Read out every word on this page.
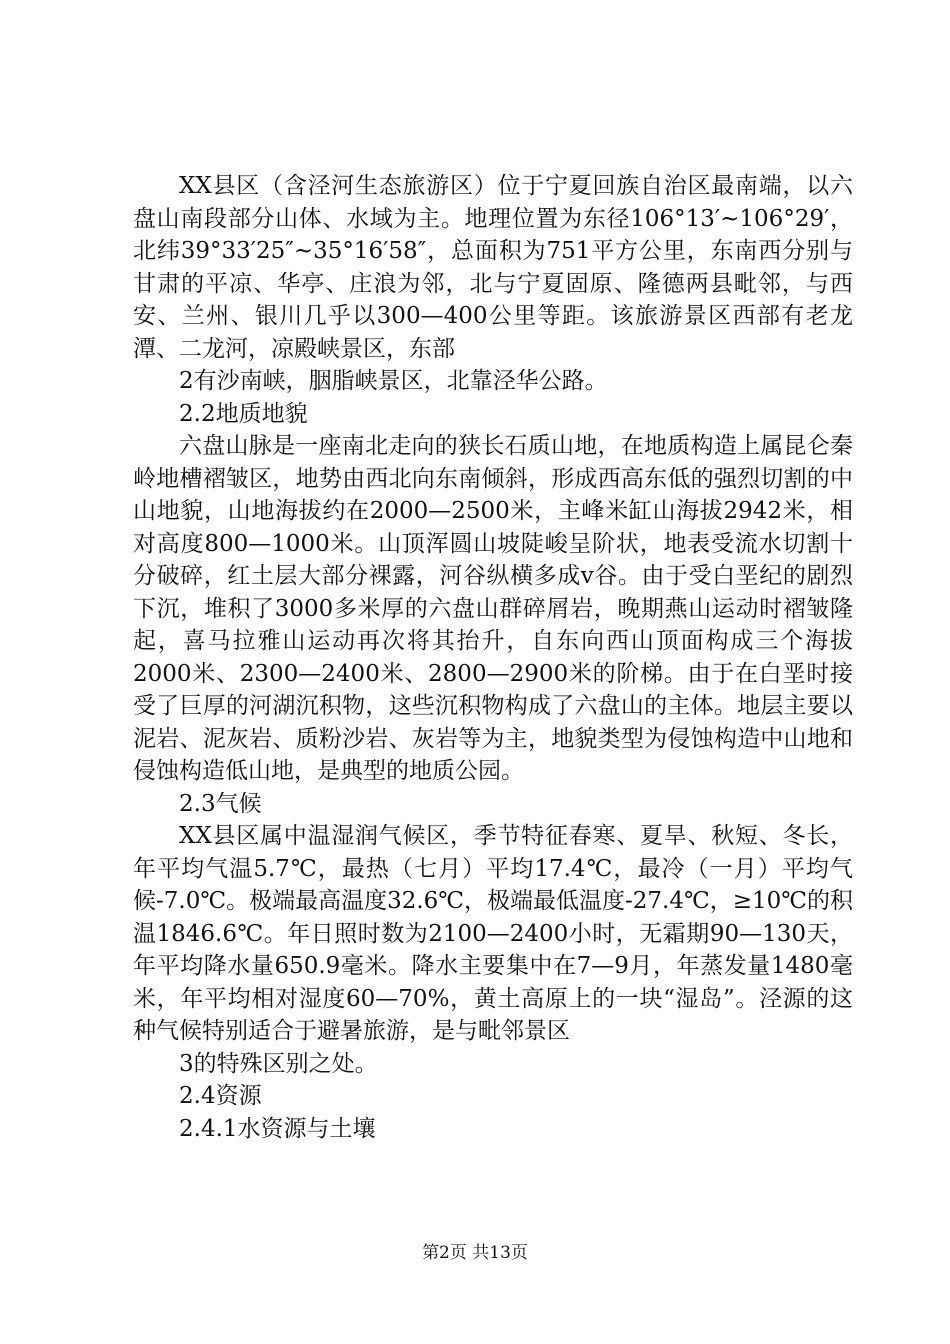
XX县区（含泾河生态旅游区）位于宁夏回族自治区最南端，以六盘山南段部分山体、水域为主。地理位置为东径106°13′~106°29′，北纬39°33′25″~35°16′58″，总面积为751平方公里，东南西分别与甘肃的平凉、华亭、庄浪为邻，北与宁夏固原、隆德两县毗邻，与西安、兰州、银川几乎以300—400公里等距。该旅游景区西部有老龙潭、二龙河，凉殿峡景区，东部

2有沙南峡，胭脂峡景区，北靠泾华公路。

2.2地质地貌

六盘山脉是一座南北走向的狭长石质山地，在地质构造上属昆仑秦岭地槽褶皱区，地势由西北向东南倾斜，形成西高东低的强烈切割的中山地貌，山地海拔约在2000—2500米，主峰米缸山海拔2942米，相对高度800—1000米。山顶浑圆山坡陡峻呈阶状，地表受流水切割十分破碎，红土层大部分裸露，河谷纵横多成v谷。由于受白垩纪的剧烈下沉，堆积了3000多米厚的六盘山群碎屑岩，晚期燕山运动时褶皱隆起，喜马拉雅山运动再次将其抬升，自东向西山顶面构成三个海拔2000米、2300—2400米、2800—2900米的阶梯。由于在白垩时接受了巨厚的河湖沉积物，这些沉积物构成了六盘山的主体。地层主要以泥岩、泥灰岩、质粉沙岩、灰岩等为主，地貌类型为侵蚀构造中山地和侵蚀构造低山地，是典型的地质公园。

2.3气候

XX县区属中温湿润气候区，季节特征春寒、夏旱、秋短、冬长，年平均气温5.7℃，最热（七月）平均17.4℃，最冷（一月）平均气候-7.0℃。极端最高温度32.6℃，极端最低温度-27.4℃，≥10℃的积温1846.6℃。年日照时数为2100—2400小时，无霜期90—130天，年平均降水量650.9毫米。降水主要集中在7—9月，年蒸发量1480毫米，年平均相对湿度60—70%，黄土高原上的一块“湿岛”。泾源的这种气候特别适合于避暑旅游，是与毗邻景区

3的特殊区别之处。

2.4资源

2.4.1水资源与土壤

第2页 共13页
